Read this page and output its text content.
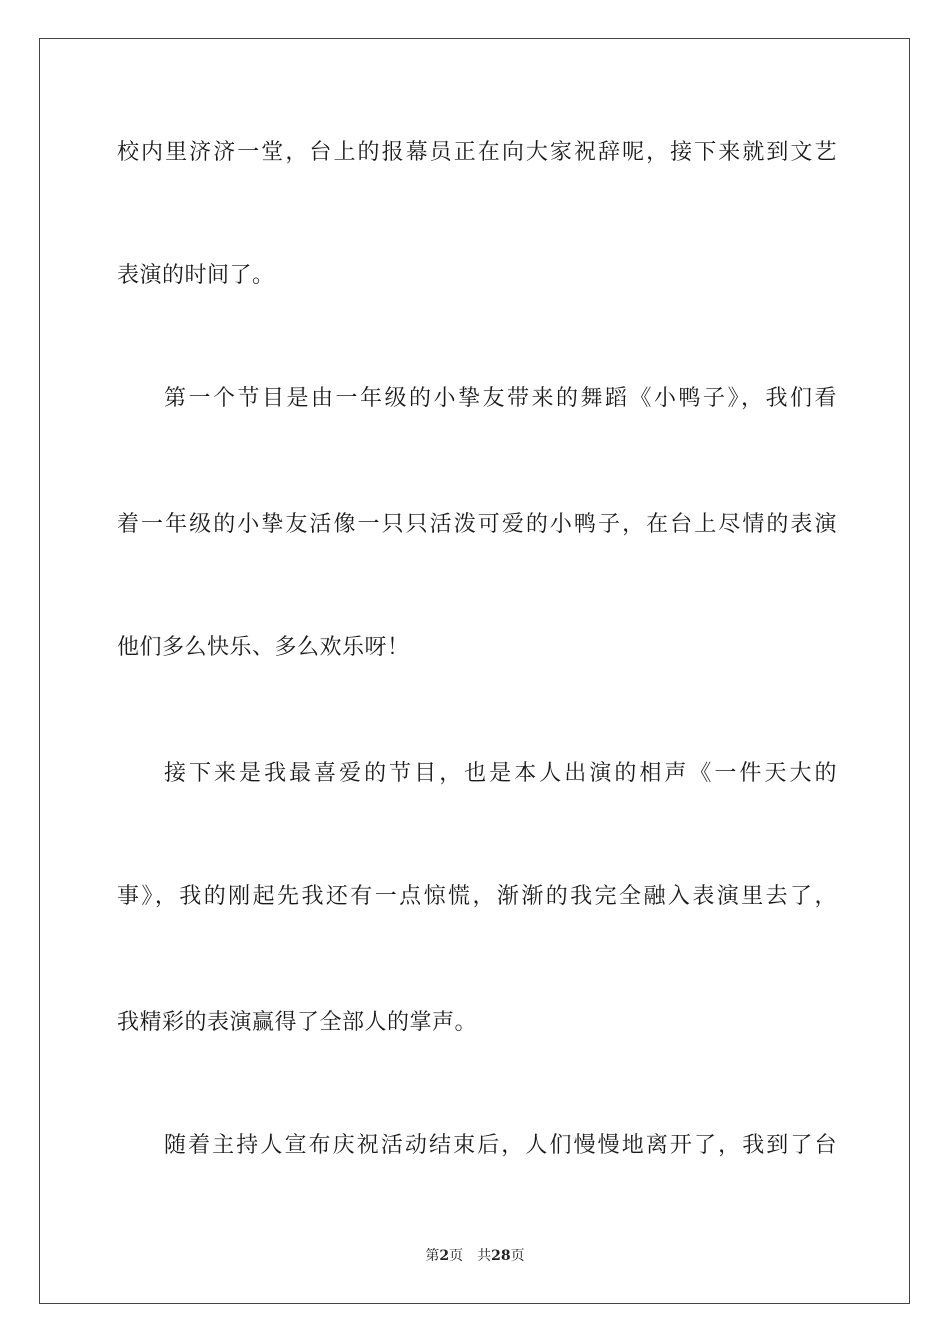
校内里济济一堂，台上的报幕员正在向大家祝辞呢，接下来就到文艺
表演的时间了。
第一个节目是由一年级的小挚友带来的舞蹈《小鸭子》，我们看
着一年级的小挚友活像一只只活泼可爱的小鸭子，在台上尽情的表演
他们多么快乐、多么欢乐呀！
接下来是我最喜爱的节目，也是本人出演的相声《一件天大的
事》，我的刚起先我还有一点惊慌，渐渐的我完全融入表演里去了，
我精彩的表演赢得了全部人的掌声。
随着主持人宣布庆祝活动结束后，人们慢慢地离开了，我到了台
第2页 共28页
